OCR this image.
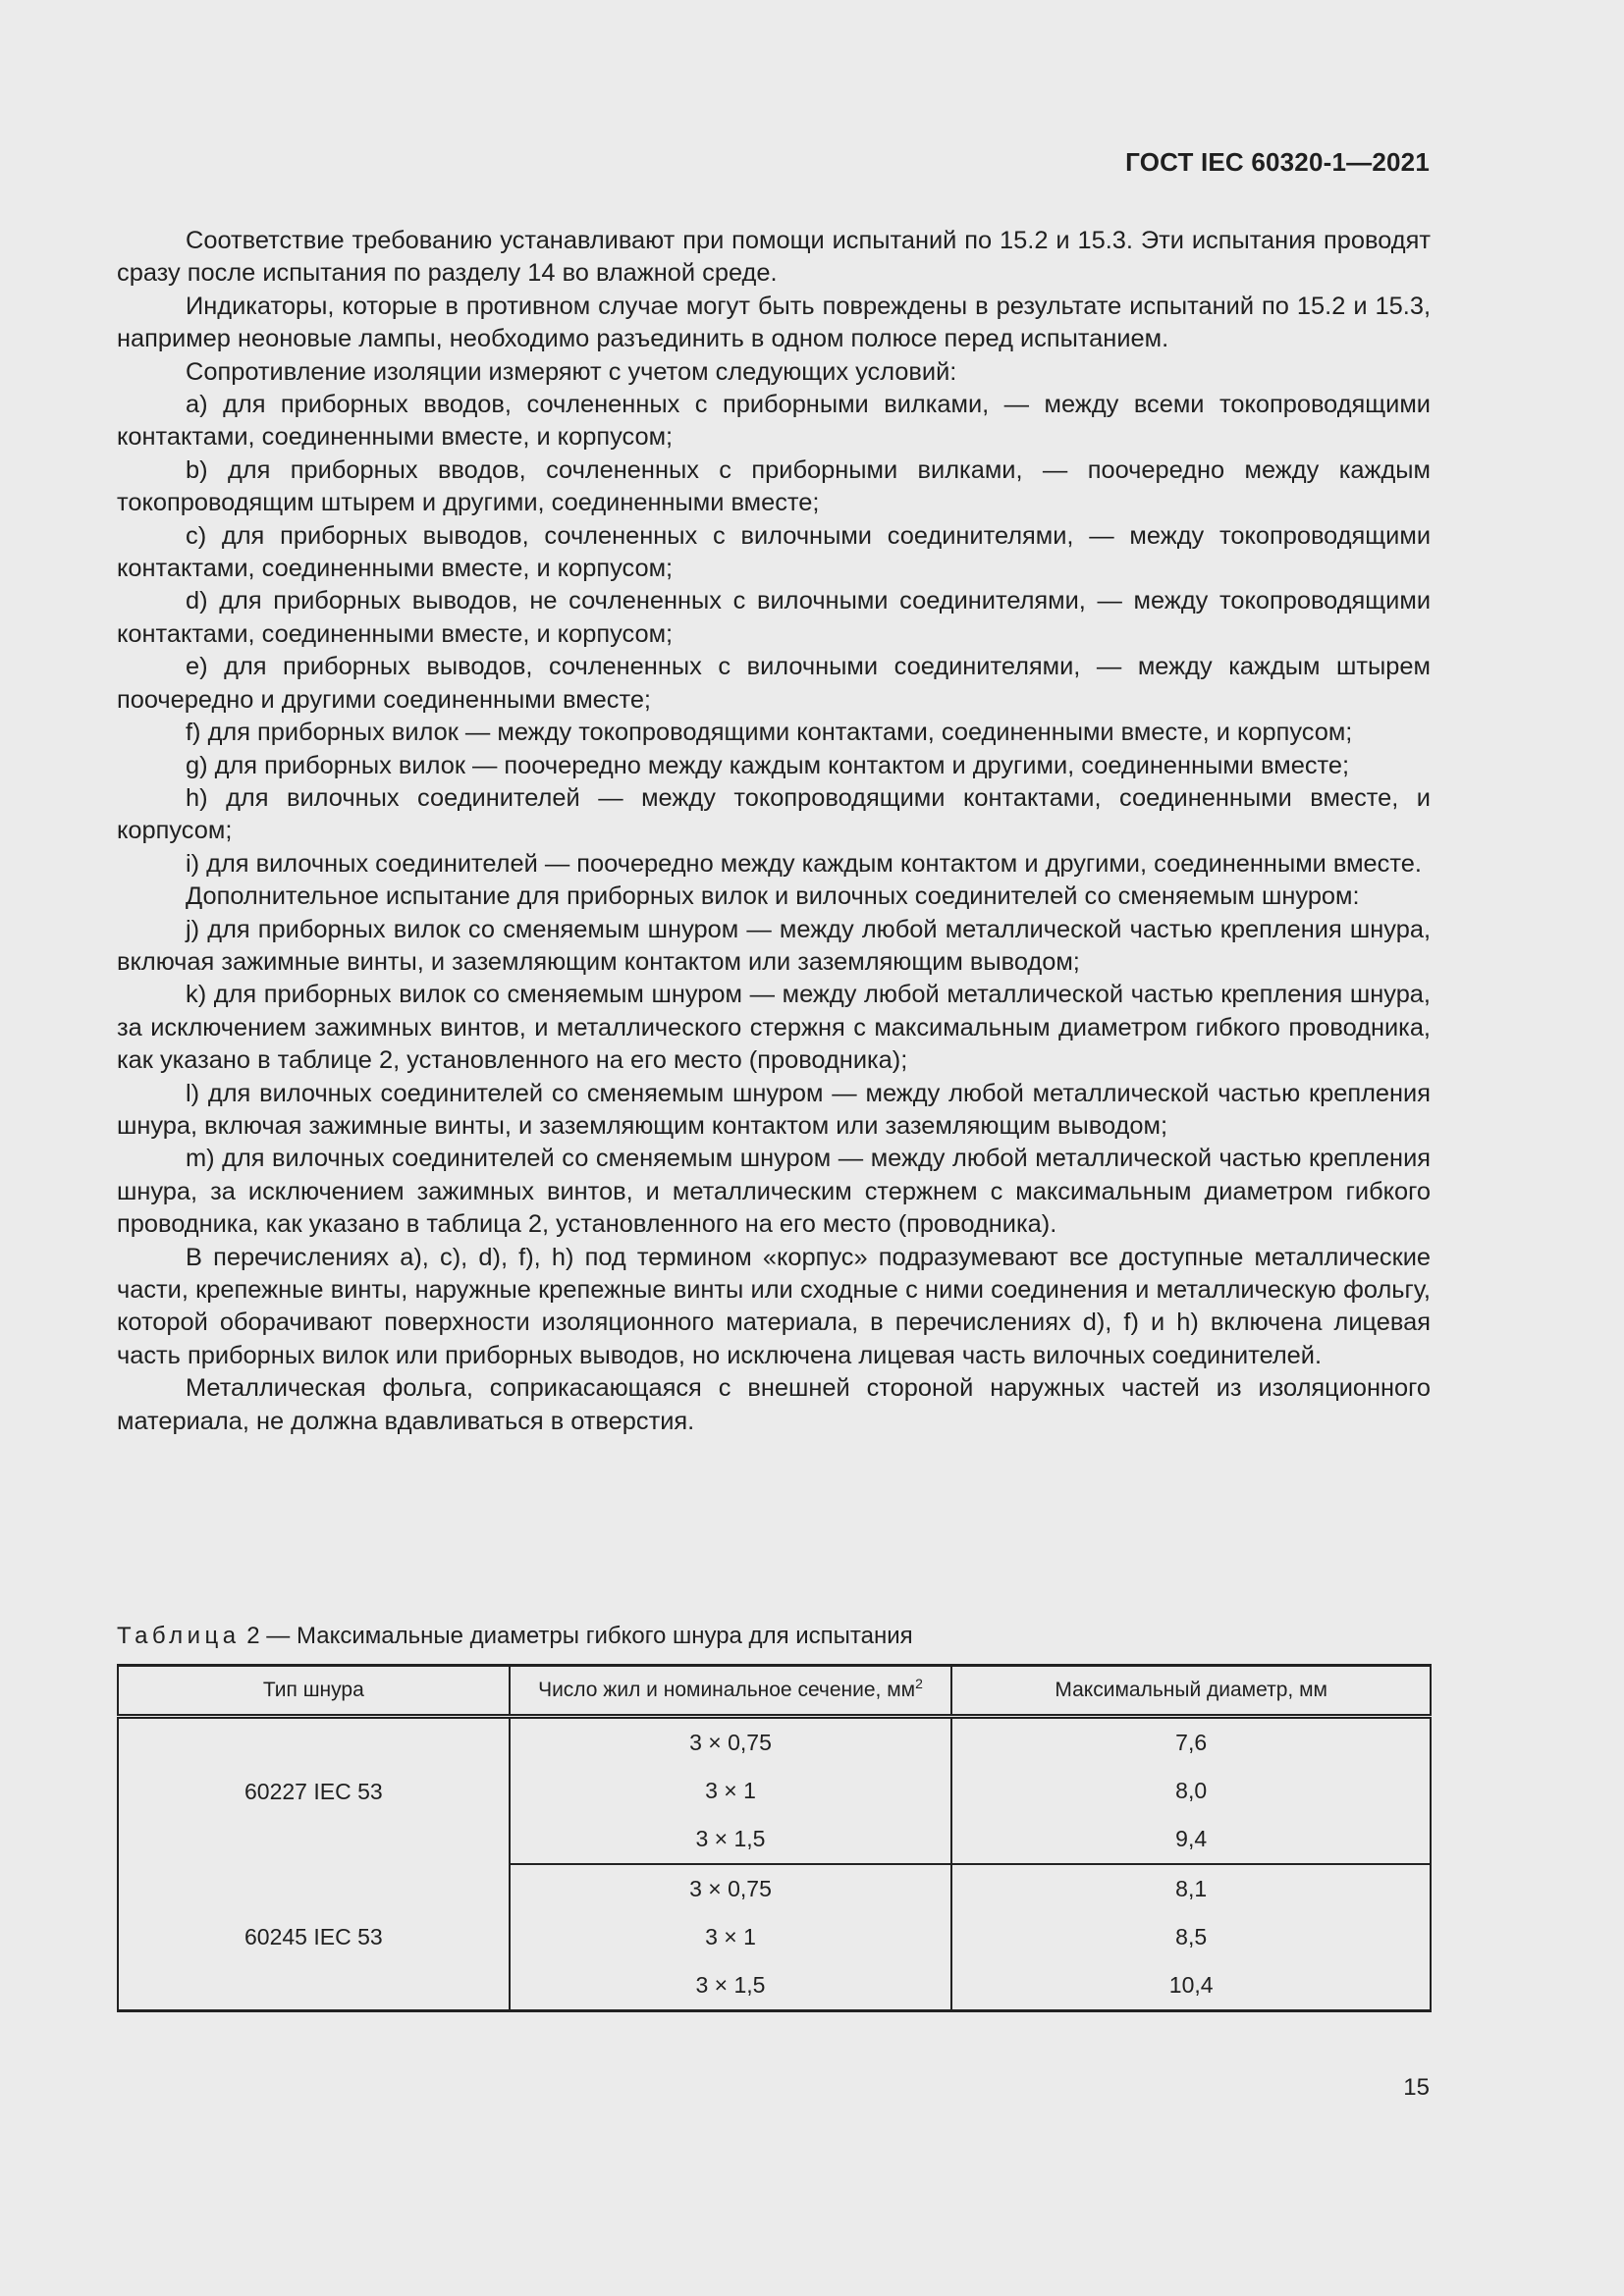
ГОСТ IEC 60320-1—2021

Соответствие требованию устанавливают при помощи испытаний по 15.2 и 15.3. Эти испытания проводят сразу после испытания по разделу 14 во влажной среде.

Индикаторы, которые в противном случае могут быть повреждены в результате испытаний по 15.2 и 15.3, например неоновые лампы, необходимо разъединить в одном полюсе перед испытанием.

Сопротивление изоляции измеряют с учетом следующих условий:

a) для приборных вводов, сочлененных с приборными вилками, — между всеми токопроводящими контактами, соединенными вместе, и корпусом;

b) для приборных вводов, сочлененных с приборными вилками, — поочередно между каждым токопроводящим штырем и другими, соединенными вместе;

c) для приборных выводов, сочлененных с вилочными соединителями, — между токопроводящими контактами, соединенными вместе, и корпусом;

d) для приборных выводов, не сочлененных с вилочными соединителями, — между токопроводящими контактами, соединенными вместе, и корпусом;

e) для приборных выводов, сочлененных с вилочными соединителями, — между каждым штырем поочередно и другими соединенными вместе;

f) для приборных вилок — между токопроводящими контактами, соединенными вместе, и корпусом;

g) для приборных вилок — поочередно между каждым контактом и другими, соединенными вместе;

h) для вилочных соединителей — между токопроводящими контактами, соединенными вместе, и корпусом;

i) для вилочных соединителей — поочередно между каждым контактом и другими, соединенными вместе.

Дополнительное испытание для приборных вилок и вилочных соединителей со сменяемым шнуром:

j) для приборных вилок со сменяемым шнуром — между любой металлической частью крепления шнура, включая зажимные винты, и заземляющим контактом или заземляющим выводом;

k) для приборных вилок со сменяемым шнуром — между любой металлической частью крепления шнура, за исключением зажимных винтов, и металлического стержня с максимальным диаметром гибкого проводника, как указано в таблице 2, установленного на его место (проводника);

l) для вилочных соединителей со сменяемым шнуром — между любой металлической частью крепления шнура, включая зажимные винты, и заземляющим контактом или заземляющим выводом;

m) для вилочных соединителей со сменяемым шнуром — между любой металлической частью крепления шнура, за исключением зажимных винтов, и металлическим стержнем с максимальным диаметром гибкого проводника, как указано в таблица 2, установленного на его место (проводника).

В перечислениях a), c), d), f), h) под термином «корпус» подразумевают все доступные металлические части, крепежные винты, наружные крепежные винты или сходные с ними соединения и металлическую фольгу, которой оборачивают поверхности изоляционного материала, в перечислениях d), f) и h) включена лицевая часть приборных вилок или приборных выводов, но исключена лицевая часть вилочных соединителей.

Металлическая фольга, соприкасающаяся с внешней стороной наружных частей из изоляционного материала, не должна вдавливаться в отверстия.

Таблица 2 — Максимальные диаметры гибкого шнура для испытания
Тип шнура	Число жил и номинальное сечение, $мм^2$	Максимальный диаметр, мм
60227 IEC 53	3 × 0,75	7,6
	3 × 1	8,0
	3 × 1,5	9,4
60245 IEC 53	3 × 0,75	8,1
	3 × 1	8,5
	3 × 1,5	10,4
15
